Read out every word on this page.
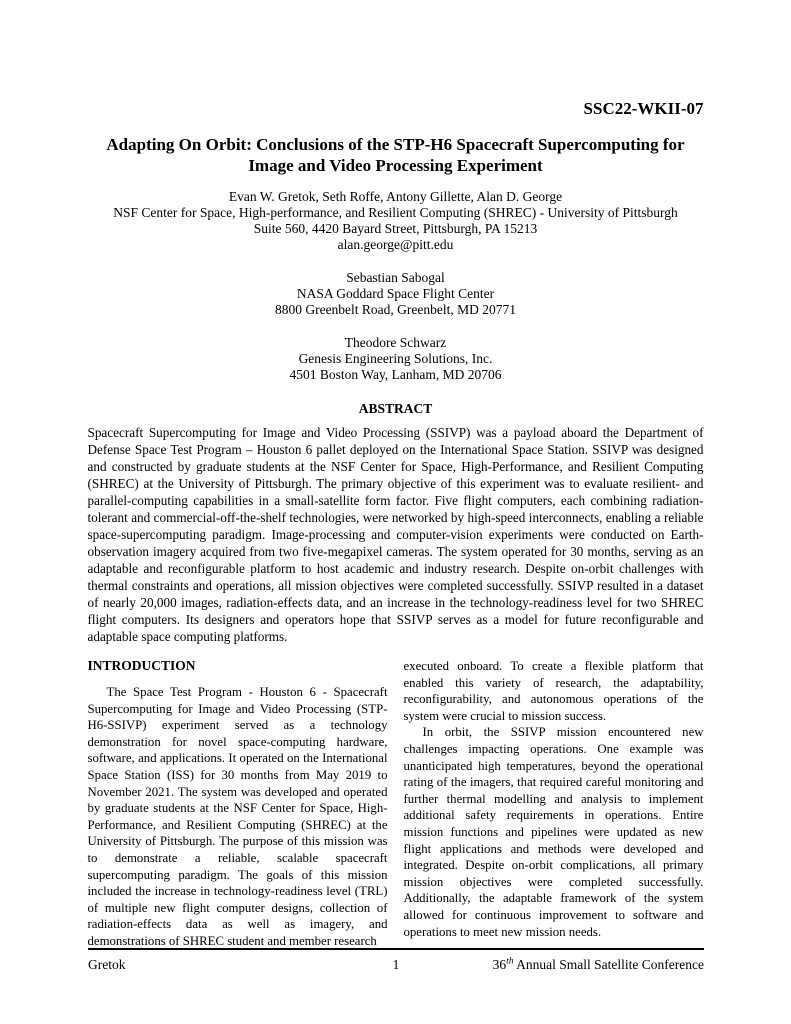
SSC22-WKII-07
Adapting On Orbit: Conclusions of the STP-H6 Spacecraft Supercomputing for
Image and Video Processing Experiment
Evan W. Gretok, Seth Roffe, Antony Gillette, Alan D. George
NSF Center for Space, High-performance, and Resilient Computing (SHREC) - University of Pittsburgh
Suite 560, 4420 Bayard Street, Pittsburgh, PA 15213
alan.george@pitt.edu
Sebastian Sabogal
NASA Goddard Space Flight Center
8800 Greenbelt Road, Greenbelt, MD 20771
Theodore Schwarz
Genesis Engineering Solutions, Inc.
4501 Boston Way, Lanham, MD 20706
ABSTRACT
Spacecraft Supercomputing for Image and Video Processing (SSIVP) was a payload aboard the Department of Defense Space Test Program – Houston 6 pallet deployed on the International Space Station. SSIVP was designed and constructed by graduate students at the NSF Center for Space, High-Performance, and Resilient Computing (SHREC) at the University of Pittsburgh. The primary objective of this experiment was to evaluate resilient- and parallel-computing capabilities in a small-satellite form factor. Five flight computers, each combining radiation-tolerant and commercial-off-the-shelf technologies, were networked by high-speed interconnects, enabling a reliable space-supercomputing paradigm. Image-processing and computer-vision experiments were conducted on Earth-observation imagery acquired from two five-megapixel cameras. The system operated for 30 months, serving as an adaptable and reconfigurable platform to host academic and industry research. Despite on-orbit challenges with thermal constraints and operations, all mission objectives were completed successfully. SSIVP resulted in a dataset of nearly 20,000 images, radiation-effects data, and an increase in the technology-readiness level for two SHREC flight computers. Its designers and operators hope that SSIVP serves as a model for future reconfigurable and adaptable space computing platforms.
INTRODUCTION

The Space Test Program - Houston 6 - Spacecraft Supercomputing for Image and Video Processing (STP-H6-SSIVP) experiment served as a technology demonstration for novel space-computing hardware, software, and applications. It operated on the International Space Station (ISS) for 30 months from May 2019 to November 2021. The system was developed and operated by graduate students at the NSF Center for Space, High-Performance, and Resilient Computing (SHREC) at the University of Pittsburgh. The purpose of this mission was to demonstrate a reliable, scalable spacecraft supercomputing paradigm. The goals of this mission included the increase in technology-readiness level (TRL) of multiple new flight computer designs, collection of radiation-effects data as well as imagery, and demonstrations of SHREC student and member research

executed onboard. To create a flexible platform that enabled this variety of research, the adaptability, reconfigurability, and autonomous operations of the system were crucial to mission success.

In orbit, the SSIVP mission encountered new challenges impacting operations. One example was unanticipated high temperatures, beyond the operational rating of the imagers, that required careful monitoring and further thermal modelling and analysis to implement additional safety requirements in operations. Entire mission functions and pipelines were updated as new flight applications and methods were developed and integrated. Despite on-orbit complications, all primary mission objectives were completed successfully. Additionally, the adaptable framework of the system allowed for continuous improvement to software and operations to meet new mission needs.

Gretok	1	36th Annual Small Satellite Conference
